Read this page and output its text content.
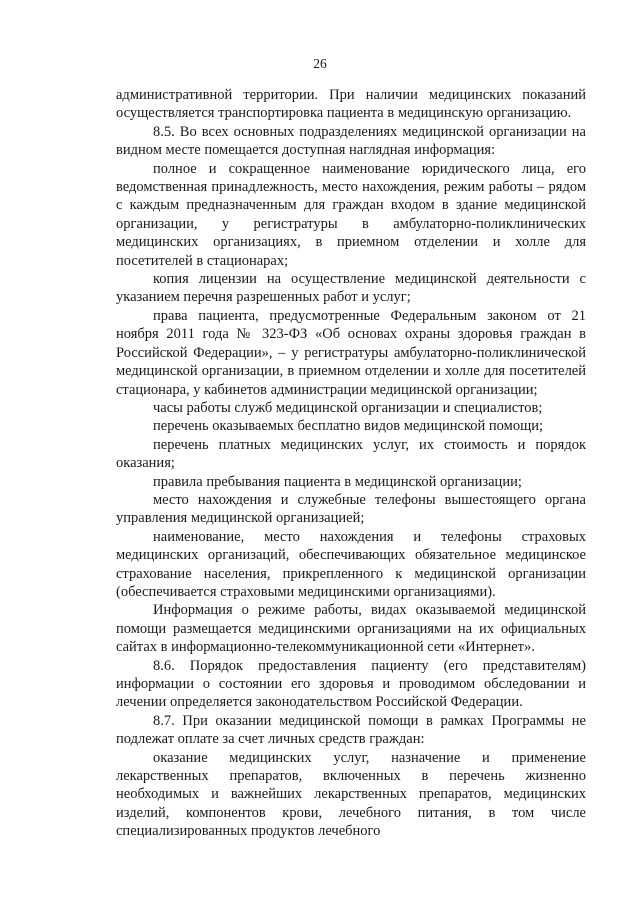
26

административной территории. При наличии медицинских показаний осуществляется транспортировка пациента в медицинскую организацию.

8.5. Во всех основных подразделениях медицинской организации на видном месте помещается доступная наглядная информация:

полное и сокращенное наименование юридического лица, его ведомственная принадлежность, место нахождения, режим работы – рядом с каждым предназначенным для граждан входом в здание медицинской организации, у регистратуры в амбулаторно-поликлинических медицинских организациях, в приемном отделении и холле для посетителей в стационарах;

копия лицензии на осуществление медицинской деятельности с указанием перечня разрешенных работ и услуг;

права пациента, предусмотренные Федеральным законом от 21 ноября 2011 года № 323-ФЗ «Об основах охраны здоровья граждан в Российской Федерации», – у регистратуры амбулаторно-поликлинической медицинской организации, в приемном отделении и холле для посетителей стационара, у кабинетов администрации медицинской организации;

часы работы служб медицинской организации и специалистов;

перечень оказываемых бесплатно видов медицинской помощи;

перечень платных медицинских услуг, их стоимость и порядок оказания;

правила пребывания пациента в медицинской организации;

место нахождения и служебные телефоны вышестоящего органа управления медицинской организацией;

наименование, место нахождения и телефоны страховых медицинских организаций, обеспечивающих обязательное медицинское страхование населения, прикрепленного к медицинской организации (обеспечивается страховыми медицинскими организациями).

Информация о режиме работы, видах оказываемой медицинской помощи размещается медицинскими организациями на их официальных сайтах в информационно-телекоммуникационной сети «Интернет».

8.6. Порядок предоставления пациенту (его представителям) информации о состоянии его здоровья и проводимом обследовании и лечении определяется законодательством Российской Федерации.

8.7. При оказании медицинской помощи в рамках Программы не подлежат оплате за счет личных средств граждан:

оказание медицинских услуг, назначение и применение лекарственных препаратов, включенных в перечень жизненно необходимых и важнейших лекарственных препаратов, медицинских изделий, компонентов крови, лечебного питания, в том числе специализированных продуктов лечебного
